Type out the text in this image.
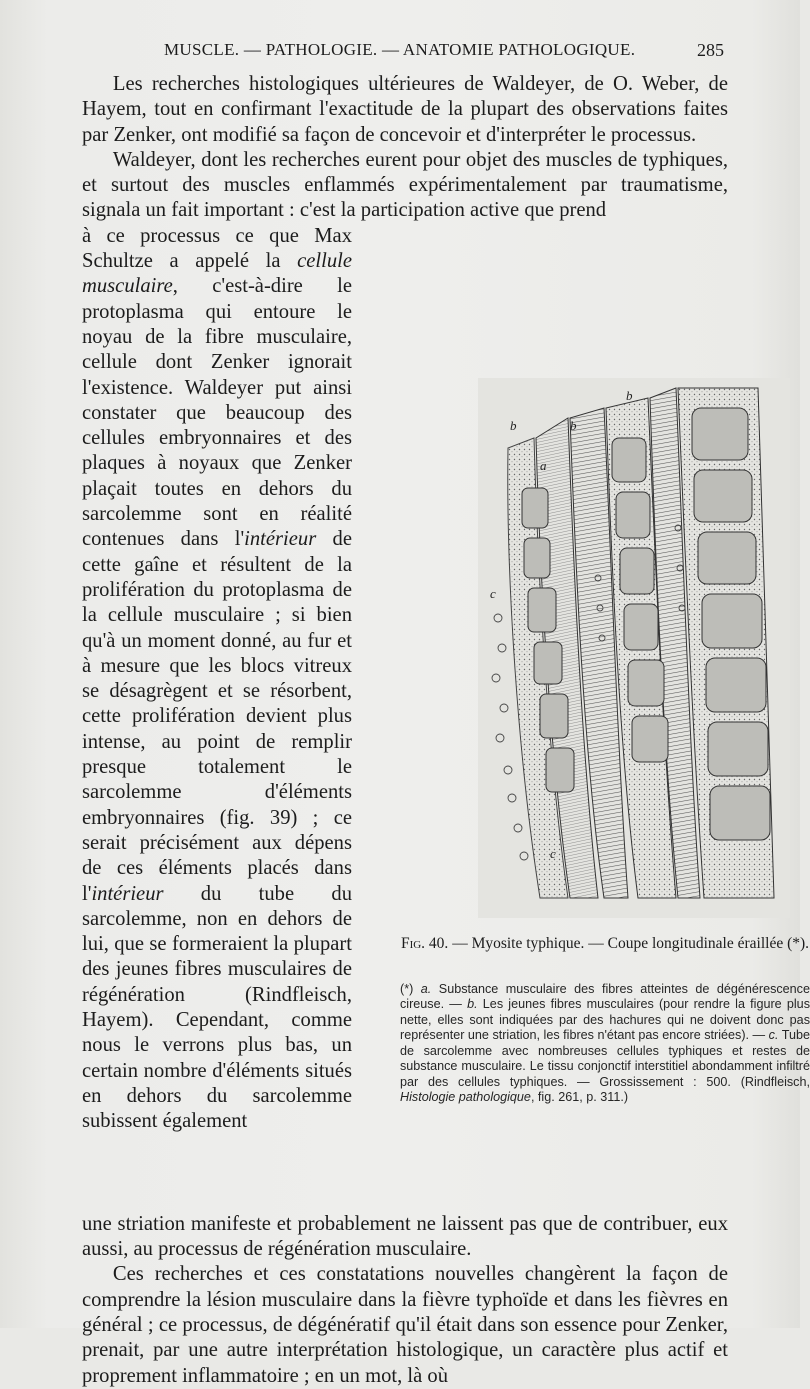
MUSCLE. — PATHOLOGIE. — ANATOMIE PATHOLOGIQUE.	285

Les recherches histologiques ultérieures de Waldeyer, de O. Weber, de Hayem, tout en confirmant l'exactitude de la plupart des observations faites par Zenker, ont modifié sa façon de concevoir et d'interpréter le processus.

Waldeyer, dont les recherches eurent pour objet des muscles de typhiques, et surtout des muscles enflammés expérimentalement par traumatisme, signala un fait important : c'est la participation active que prend

à ce processus ce que Max Schultze a appelé la cellule musculaire, c'est-à-dire le protoplasma qui entoure le noyau de la fibre musculaire, cellule dont Zenker ignorait l'existence. Waldeyer put ainsi constater que beaucoup des cellules embryonnaires et des plaques à noyaux que Zenker plaçait toutes en dehors du sarcolemme sont en réalité contenues dans l'intérieur de cette gaîne et résultent de la prolifération du protoplasma de la cellule musculaire ; si bien qu'à un moment donné, au fur et à mesure que les blocs vitreux se désagrègent et se résorbent, cette prolifération devient plus intense, au point de remplir presque totalement le sarcolemme d'éléments embryonnaires (fig. 39) ; ce serait précisément aux dépens de ces éléments placés dans l'intérieur du tube du sarcolemme, non en dehors de lui, que se formeraient la plupart des jeunes fibres musculaires de régénération (Rindfleisch, Hayem). Cependant, comme nous le verrons plus bas, un certain nombre d'éléments situés en dehors du sarcolemme subissent également

b	b
b
a
c
c
Fig. 40. — Myosite typhique. — Coupe longitudinale éraillée (*).

(*) a. Substance musculaire des fibres atteintes de dégénérescence cireuse. — b. Les jeunes fibres musculaires (pour rendre la figure plus nette, elles sont indiquées par des hachures qui ne doivent donc pas représenter une striation, les fibres n'étant pas encore striées). — c. Tube de sarcolemme avec nombreuses cellules typhiques et restes de substance musculaire. Le tissu conjonctif interstitiel abondamment infiltré par des cellules typhiques. — Grossissement : 500. (Rindfleisch, Histologie pathologique, fig. 261, p. 311.)

une striation manifeste et probablement ne laissent pas que de contribuer, eux aussi, au processus de régénération musculaire.

Ces recherches et ces constatations nouvelles changèrent la façon de comprendre la lésion musculaire dans la fièvre typhoïde et dans les fièvres en général ; ce processus, de dégénératif qu'il était dans son essence pour Zenker, prenait, par une autre interprétation histologique, un caractère plus actif et proprement inflammatoire ; en un mot, là où
